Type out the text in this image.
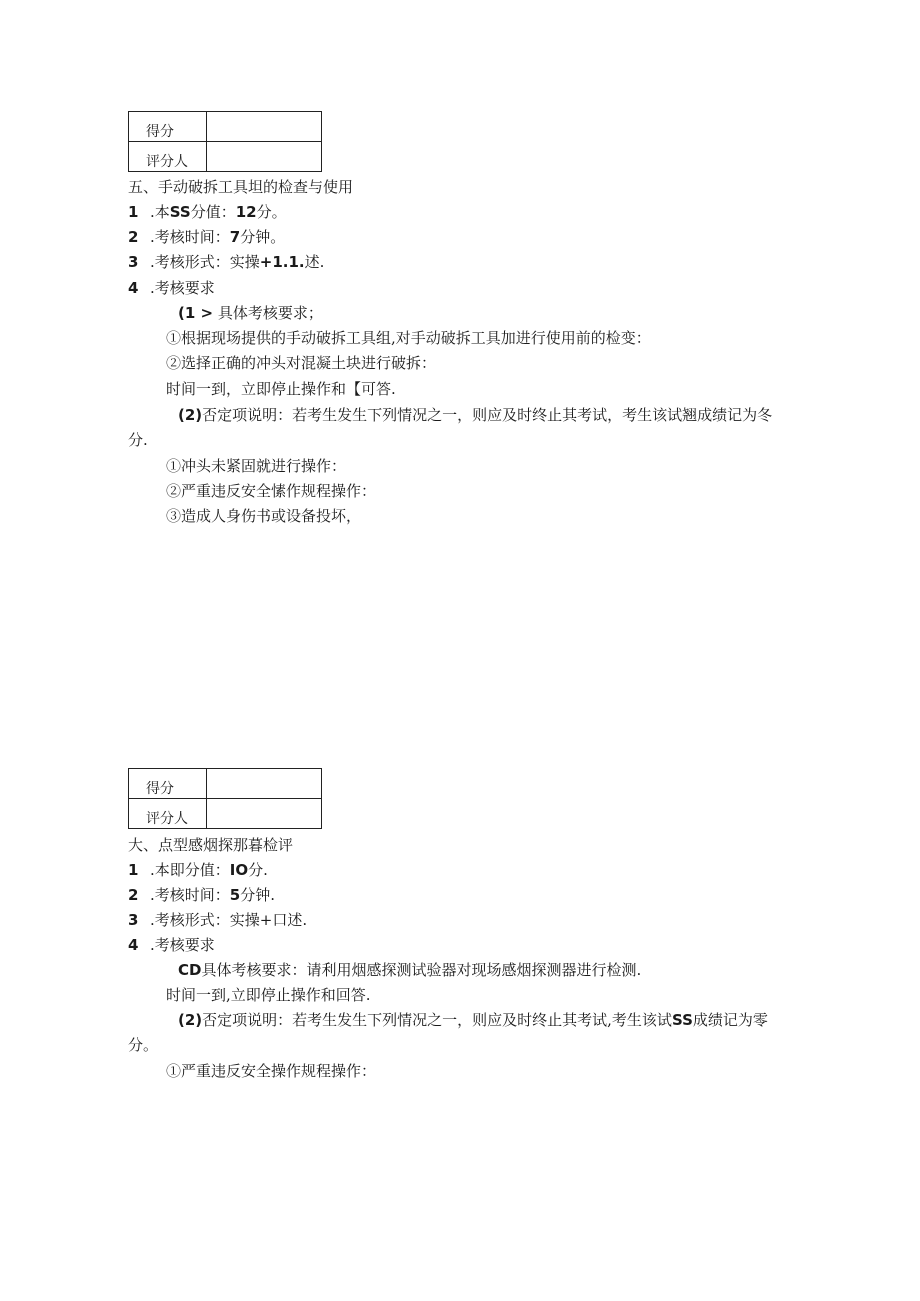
得分	
评分人	
五、手动破拆工具坦的检查与使用
1 .本SS分值：12分。
2 .考核时间：7分钟。
3 .考核形式：实操+1.1.述.
4 .考核要求
(1 > 具体考核要求；
①根据现场提供的手动破拆工具组,对手动破拆工具加进行使用前的检变：
②选择正确的冲头对混凝土块进行破拆：
时间一到，立即停止操作和【可答.
(2)否定项说明：若考生发生下列情况之一，则应及时终止其考试，考生该试翘成绩记为冬
分.
①冲头未紧固就进行操作：
②严重违反安全愫作规程操作：
③造成人身伤书或设备投坏，
得分	
评分人	
大、点型感烟探那暮检评
1 .本即分值：IO分.
2 .考核时间：5分钟.
3 .考核形式：实操+口述.
4 .考核要求
CD具体考核要求：请利用烟感探测试验器对现场感烟探测器进行检测.
时间一到,立即停止操作和回答.
(2)否定项说明：若考生发生下列情况之一，则应及时终止其考试,考生该试SS成绩记为零
分。
①严重违反安全操作规程操作：
